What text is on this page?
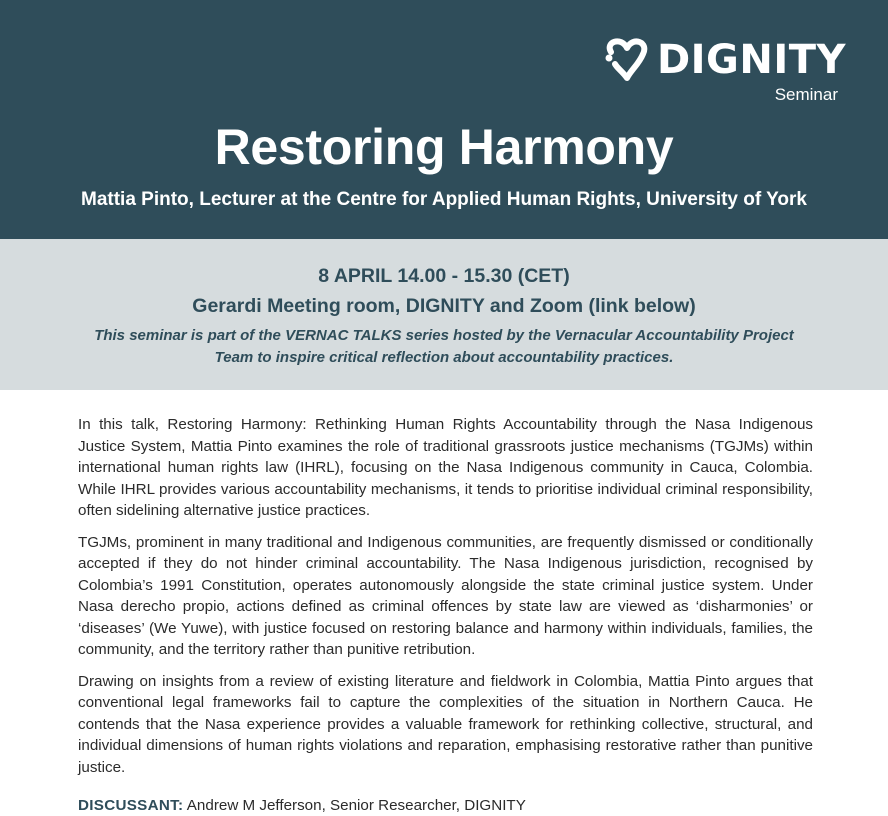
DIGNITY
Seminar
Restoring Harmony
Mattia Pinto, Lecturer at the Centre for Applied Human Rights, University of York
8 APRIL 14.00 - 15.30 (CET)
Gerardi Meeting room, DIGNITY and Zoom (link below)
This seminar is part of the VERNAC TALKS series hosted by the Vernacular Accountability Project Team to inspire critical reflection about accountability practices.

In this talk, Restoring Harmony: Rethinking Human Rights Accountability through the Nasa Indigenous Justice System, Mattia Pinto examines the role of traditional grassroots justice mechanisms (TGJMs) within international human rights law (IHRL), focusing on the Nasa Indigenous community in Cauca, Colombia. While IHRL provides various accountability mechanisms, it tends to prioritise individual criminal responsibility, often sidelining alternative justice practices.

TGJMs, prominent in many traditional and Indigenous communities, are frequently dismissed or conditionally accepted if they do not hinder criminal accountability. The Nasa Indigenous jurisdiction, recognised by Colombia’s 1991 Constitution, operates autonomously alongside the state criminal justice system. Under Nasa derecho propio, actions defined as criminal offences by state law are viewed as ‘disharmonies’ or ‘diseases’ (We Yuwe), with justice focused on restoring balance and harmony within individuals, families, the community, and the territory rather than punitive retribution.

Drawing on insights from a review of existing literature and fieldwork in Colombia, Mattia Pinto argues that conventional legal frameworks fail to capture the complexities of the situation in Northern Cauca. He contends that the Nasa experience provides a valuable framework for rethinking collective, structural, and individual dimensions of human rights violations and reparation, emphasising restorative rather than punitive justice.

DISCUSSANT: Andrew M Jefferson, Senior Researcher, DIGNITY
